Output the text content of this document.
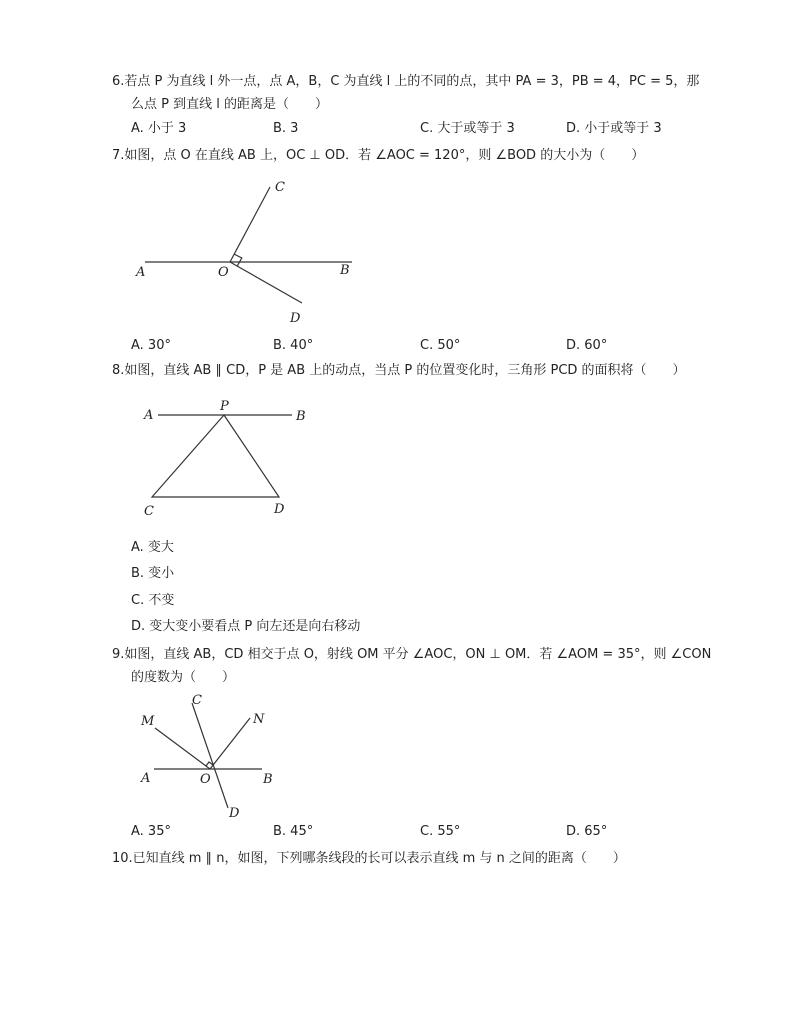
6.若点 P 为直线 l 外一点，点 A，B，C 为直线 l 上的不同的点，其中 PA = 3，PB = 4，PC = 5，那
么点 P 到直线 l 的距离是（　　）
A. 小于 3	B. 3	C. 大于或等于 3	D. 小于或等于 3
7.如图，点 O 在直线 AB 上，OC ⊥ OD．若 ∠AOC = 120°，则 ∠BOD 的大小为（　　）
A	O	B
C
D
A. 30°	B. 40°	C. 50°	D. 60°
8.如图，直线 AB ∥ CD，P 是 AB 上的动点，当点 P 的位置变化时，三角形 PCD 的面积将（　　）
A
P
B
C	D
A. 变大
B. 变小
C. 不变
D. 变大变小要看点 P 向左还是向右移动
9.如图，直线 AB，CD 相交于点 O，射线 OM 平分 ∠AOC，ON ⊥ OM．若 ∠AOM = 35°，则 ∠CON
的度数为（　　）
M
C
N
A	O	B
D
A. 35°	B. 45°	C. 55°	D. 65°
10.已知直线 m ∥ n，如图，下列哪条线段的长可以表示直线 m 与 n 之间的距离（　　）
